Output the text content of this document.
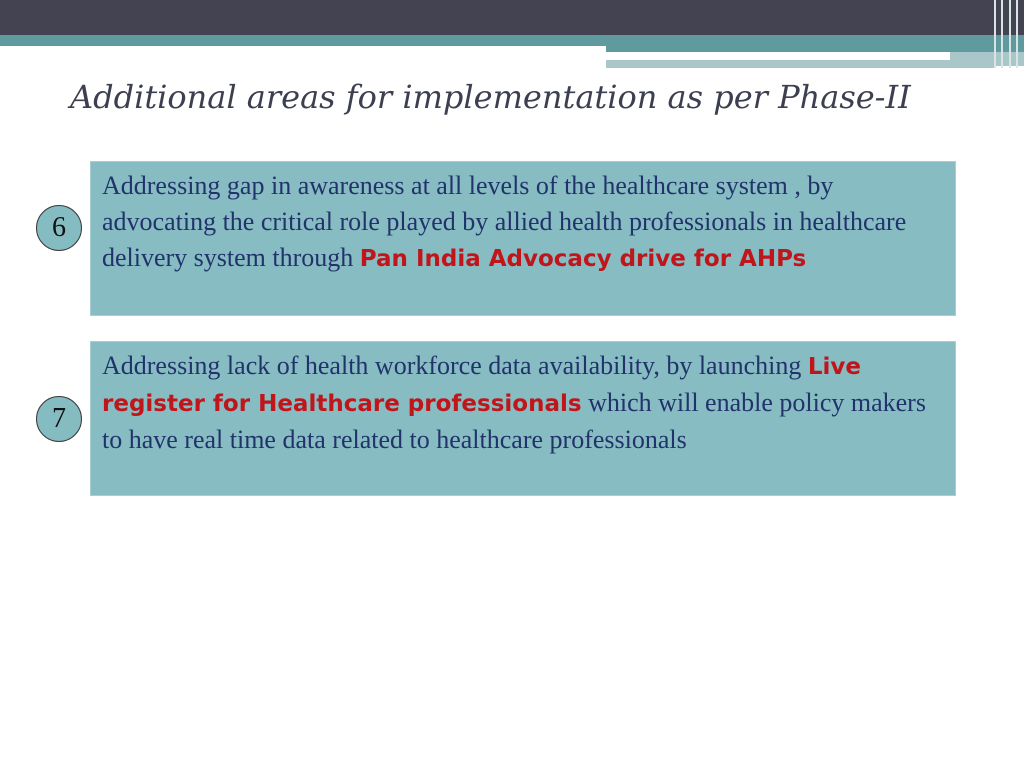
Additional areas for implementation as per Phase-II
6
Addressing gap in awareness at all levels of the healthcare system , by advocating the critical role played by allied health professionals in healthcare delivery system through Pan India Advocacy drive for AHPs
7
Addressing lack of health workforce data availability, by launching Live register for Healthcare professionals which will enable policy makers to have real time data related to healthcare professionals
